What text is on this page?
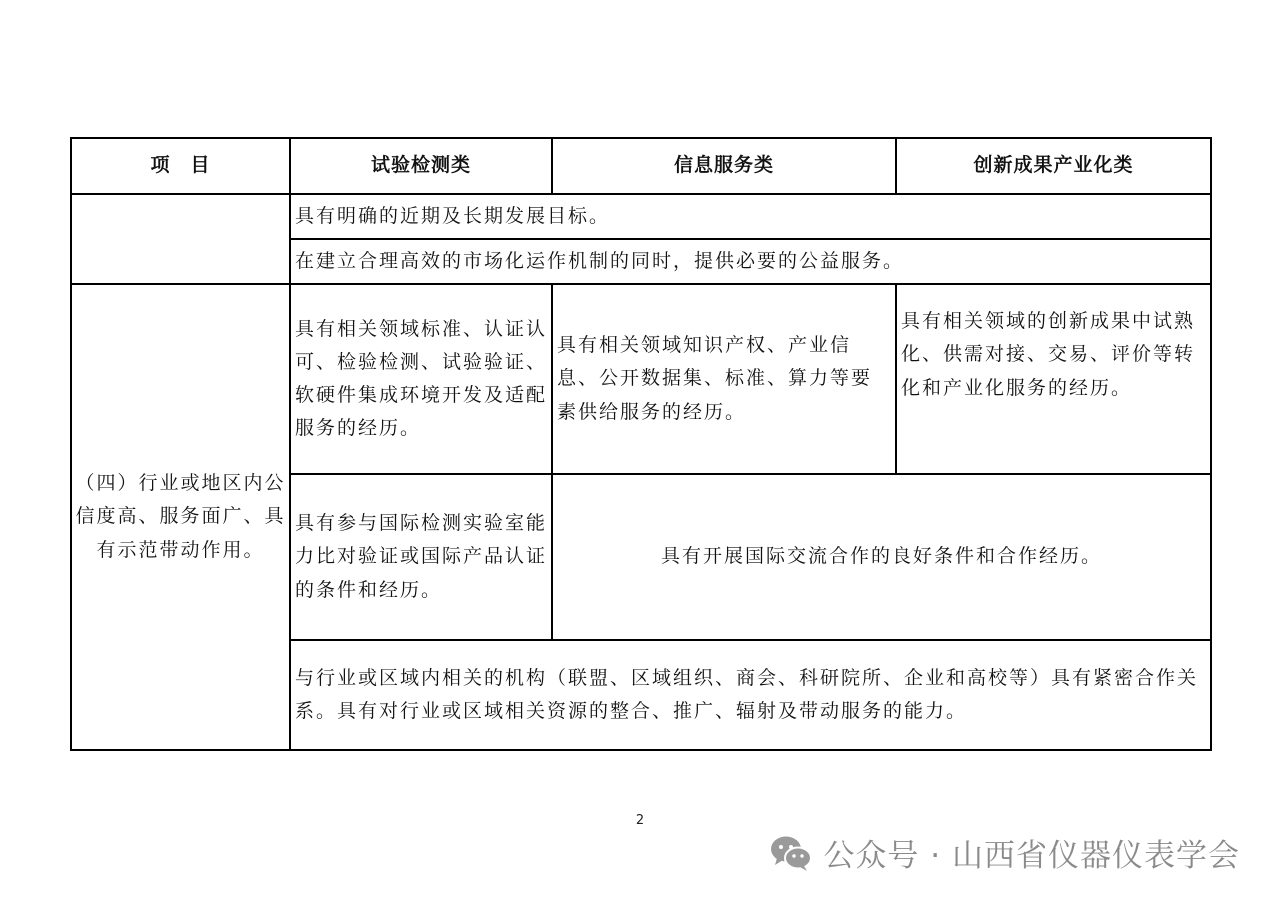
项　目	试验检测类	信息服务类	创新成果产业化类
	具有明确的近期及长期发展目标。		
	在建立合理高效的市场化运作机制的同时，提供必要的公益服务。		
（四）行业或地区内公信度高、服务面广、具有示范带动作用。	具有相关领域标准、认证认可、检验检测、试验验证、软硬件集成环境开发及适配服务的经历。	具有相关领域知识产权、产业信息、公开数据集、标准、算力等要素供给服务的经历。	具有相关领域的创新成果中试熟化、供需对接、交易、评价等转化和产业化服务的经历。
	具有参与国际检测实验室能力比对验证或国际产品认证的条件和经历。	具有开展国际交流合作的良好条件和合作经历。	
	与行业或区域内相关的机构（联盟、区域组织、商会、科研院所、企业和高校等）具有紧密合作关系。具有对行业或区域相关资源的整合、推广、辐射及带动服务的能力。		
2
公众号 · 山西省仪器仪表学会
